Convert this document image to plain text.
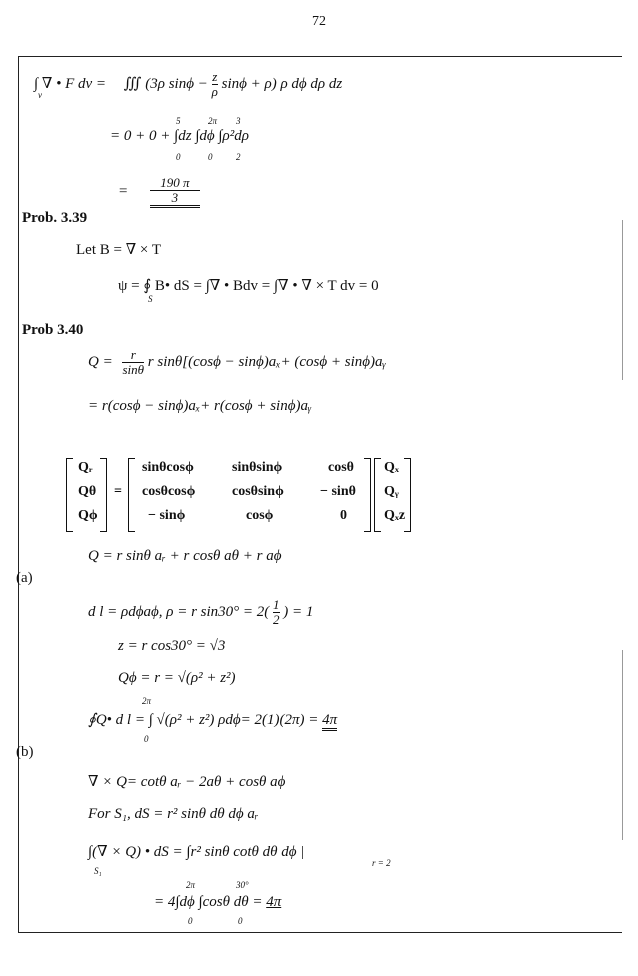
72
∫ ∇ • F dv = ∭ (3ρ $\sin\phi - \frac{z}{\rho}$ sinϕ + ρ) ρ dϕ dρ dz
v
5	2π 3
= 0 + 0 + ∫dz ∫dϕ ∫ρ²dρ
0	0	2
= $\frac{190 \pi}{3}$
Prob. 3.39
Let B = ∇ × T
ψ = ∮ B• dS = ∫∇ • Bdv = ∫∇ • ∇ × T dv = 0
S
Prob 3.40
$Q = \frac{r}{\sin\theta}$ r sinθ[(cosϕ − sinϕ)aₓ+ (cosϕ + sinϕ)aᵧ
= r(cosϕ − sinϕ)aₓ+ r(cosϕ + sinϕ)aᵧ
Qᵣ
Qθ
Qϕ
=
sinθcosϕ	sinθsinϕ	cosθ
cosθcosϕ	cosθsinϕ	− sinθ
− sinϕ	cosϕ	0
Qₓ
Qᵧ
Qₓz
Q = r sinθ aᵣ + r cosθ aθ + r aϕ
(a)
d l = ρdϕaϕ, ρ = r $\sin 30^\circ = 2( \frac{1}{2}$ ) = 1
z = r cos30° = √3
Qϕ = r = √(ρ² + z²)
2π
∮Q• d l = ∫ √(ρ² + z²) ρdϕ= 2(1)(2π) = 4π
0
(b)
∇ × Q= cotθ aᵣ − 2aθ + cosθ aϕ
For S₁, dS = r² sinθ dθ dϕ aᵣ
∫(∇ × Q) • dS = ∫r² sinθ cotθ dθ dϕ |
S₁
r = 2
2π	30°
= 4∫dϕ ∫cosθ dθ = 4π
0	0
